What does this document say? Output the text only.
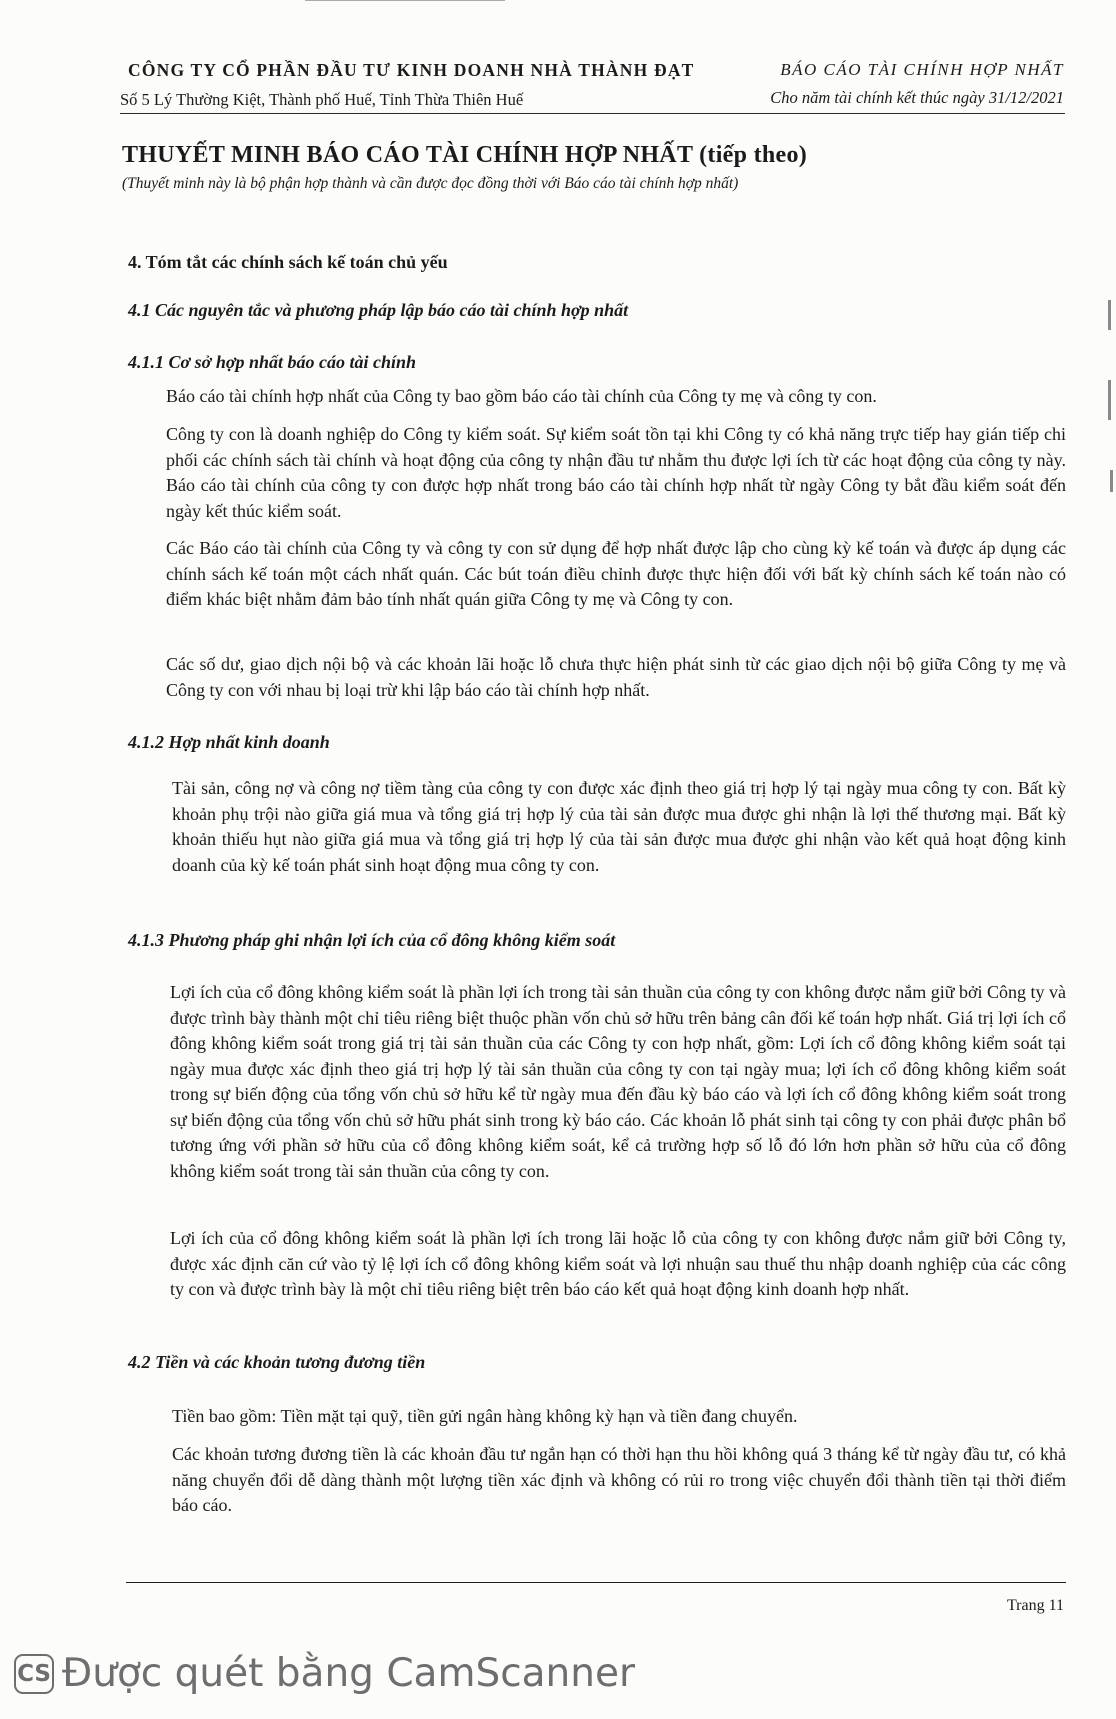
CÔNG TY CỔ PHẦN ĐẦU TƯ KINH DOANH NHÀ THÀNH ĐẠT
Số 5 Lý Thường Kiệt, Thành phố Huế, Tỉnh Thừa Thiên Huế
BÁO CÁO TÀI CHÍNH HỢP NHẤT
Cho năm tài chính kết thúc ngày 31/12/2021
THUYẾT MINH BÁO CÁO TÀI CHÍNH HỢP NHẤT (tiếp theo)
(Thuyết minh này là bộ phận hợp thành và cần được đọc đồng thời với Báo cáo tài chính hợp nhất)
4. Tóm tắt các chính sách kế toán chủ yếu
4.1 Các nguyên tắc và phương pháp lập báo cáo tài chính hợp nhất
4.1.1 Cơ sở hợp nhất báo cáo tài chính
Báo cáo tài chính hợp nhất của Công ty bao gồm báo cáo tài chính của Công ty mẹ và công ty con.
Công ty con là doanh nghiệp do Công ty kiểm soát. Sự kiểm soát tồn tại khi Công ty có khả năng trực tiếp hay gián tiếp chi phối các chính sách tài chính và hoạt động của công ty nhận đầu tư nhằm thu được lợi ích từ các hoạt động của công ty này. Báo cáo tài chính của công ty con được hợp nhất trong báo cáo tài chính hợp nhất từ ngày Công ty bắt đầu kiểm soát đến ngày kết thúc kiểm soát.
Các Báo cáo tài chính của Công ty và công ty con sử dụng để hợp nhất được lập cho cùng kỳ kế toán và được áp dụng các chính sách kế toán một cách nhất quán. Các bút toán điều chỉnh được thực hiện đối với bất kỳ chính sách kế toán nào có điểm khác biệt nhằm đảm bảo tính nhất quán giữa Công ty mẹ và Công ty con.
Các số dư, giao dịch nội bộ và các khoản lãi hoặc lỗ chưa thực hiện phát sinh từ các giao dịch nội bộ giữa Công ty mẹ và Công ty con với nhau bị loại trừ khi lập báo cáo tài chính hợp nhất.
4.1.2 Hợp nhất kinh doanh
Tài sản, công nợ và công nợ tiềm tàng của công ty con được xác định theo giá trị hợp lý tại ngày mua công ty con. Bất kỳ khoản phụ trội nào giữa giá mua và tổng giá trị hợp lý của tài sản được mua được ghi nhận là lợi thế thương mại. Bất kỳ khoản thiếu hụt nào giữa giá mua và tổng giá trị hợp lý của tài sản được mua được ghi nhận vào kết quả hoạt động kinh doanh của kỳ kế toán phát sinh hoạt động mua công ty con.
4.1.3 Phương pháp ghi nhận lợi ích của cổ đông không kiểm soát
Lợi ích của cổ đông không kiểm soát là phần lợi ích trong tài sản thuần của công ty con không được nắm giữ bởi Công ty và được trình bày thành một chỉ tiêu riêng biệt thuộc phần vốn chủ sở hữu trên bảng cân đối kế toán hợp nhất. Giá trị lợi ích cổ đông không kiểm soát trong giá trị tài sản thuần của các Công ty con hợp nhất, gồm: Lợi ích cổ đông không kiểm soát tại ngày mua được xác định theo giá trị hợp lý tài sản thuần của công ty con tại ngày mua; lợi ích cổ đông không kiểm soát trong sự biến động của tổng vốn chủ sở hữu kể từ ngày mua đến đầu kỳ báo cáo và lợi ích cổ đông không kiểm soát trong sự biến động của tổng vốn chủ sở hữu phát sinh trong kỳ báo cáo. Các khoản lỗ phát sinh tại công ty con phải được phân bổ tương ứng với phần sở hữu của cổ đông không kiểm soát, kể cả trường hợp số lỗ đó lớn hơn phần sở hữu của cổ đông không kiểm soát trong tài sản thuần của công ty con.
Lợi ích của cổ đông không kiểm soát là phần lợi ích trong lãi hoặc lỗ của công ty con không được nắm giữ bởi Công ty, được xác định căn cứ vào tỷ lệ lợi ích cổ đông không kiểm soát và lợi nhuận sau thuế thu nhập doanh nghiệp của các công ty con và được trình bày là một chỉ tiêu riêng biệt trên báo cáo kết quả hoạt động kinh doanh hợp nhất.
4.2 Tiền và các khoản tương đương tiền
Tiền bao gồm: Tiền mặt tại quỹ, tiền gửi ngân hàng không kỳ hạn và tiền đang chuyển.
Các khoản tương đương tiền là các khoản đầu tư ngắn hạn có thời hạn thu hồi không quá 3 tháng kể từ ngày đầu tư, có khả năng chuyển đổi dễ dàng thành một lượng tiền xác định và không có rủi ro trong việc chuyển đổi thành tiền tại thời điểm báo cáo.
Trang 11
CS Được quét bằng CamScanner
